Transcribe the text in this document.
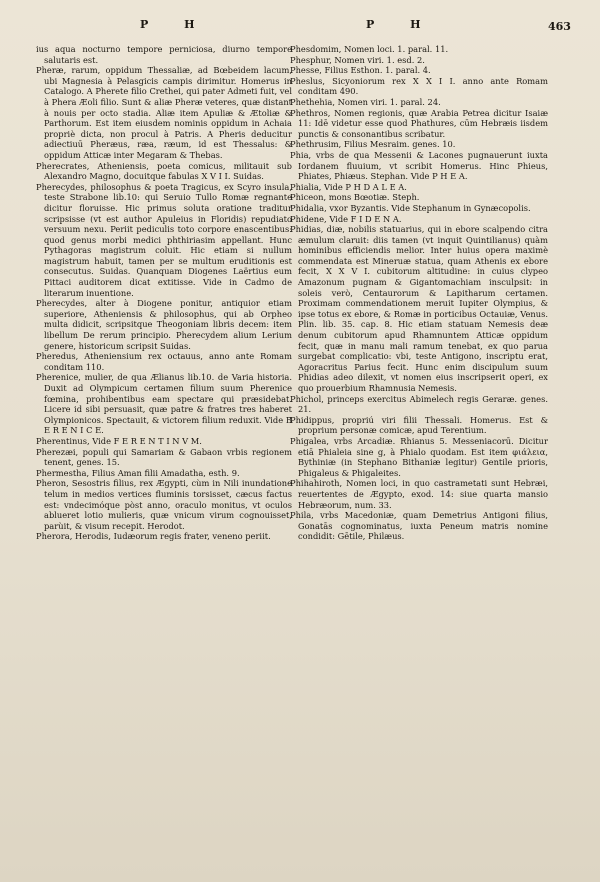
P H	P H	463

ius aqua nocturno tempore perniciosa, diurno tempore salutaris est.

Pheræ, rarum, oppidum Thessaliæ, ad Bœbeidem lacum, ubi Magnesia à Pelasgicis campis dirimitur. Homerus in Catalogo. A Pherete filio Crethei, qui pater Admeti fuit, vel à Phera Æoli filio. Sunt & aliæ Pheræ veteres, quæ distant à nouis per octo stadia. Aliæ item Apuliæ & Ætoliæ & Parthorum. Est item eiusdem nominis oppidum in Achaia propriè dicta, non procul à Patris. A Pheris deducitur adiectiuū Pheræus, ræa, ræum, id est Thessalus: & oppidum Atticæ inter Megaram & Thebas.

Pherecrates, Atheniensis, poeta comicus, militauit sub Alexandro Magno, docuitque fabulas X V I I. Suidas.

Pherecydes, philosophus & poeta Tragicus, ex Scyro insula, teste Strabone lib.10: qui Seruio Tullo Romæ regnante dicitur floruisse. Hic primus soluta oratione traditur scripsisse (vt est author Apuleius in Floridis) repudiato versuum nexu. Periit pediculis toto corpore enascentibus: quod genus morbi medici phthiriasim appellant. Hunc Pythagoras magistrum coluit. Hic etiam si nullum magistrum habuit, tamen per se multum eruditionis est consecutus. Suidas. Quanquam Diogenes Laërtius eum Pittaci auditorem dicat extitisse. Vide in Cadmo de literarum inuentione.

Pherecydes, alter à Diogene ponitur, antiquior etiam superiore, Atheniensis & philosophus, qui ab Orpheo multa didicit, scripsitque Theogoniam libris decem: item libellum De rerum principio. Pherecydem alium Lerium genere, historicum scripsit Suidas.

Pheredus, Atheniensium rex octauus, anno ante Romam conditam 110.

Pherenice, mulier, de qua Ælianus lib.10. de Varia historia. Duxit ad Olympicum certamen filium suum Pherenice fœmina, prohibentibus eam spectare qui præsidebat. Licere id sibi persuasit, quæ patre & fratres tres haberet Olympionicos. Spectauit, & victorem filium reduxit. Vide B E R E N I C E.

Pherentinus, Vide F E R E N T I N V M.

Pherezæi, populi qui Samariam & Gabaon vrbis regionem tenent, genes. 15.

Phermestha, Filius Aman filii Amadatha, esth. 9.

Pheron, Sesostris filius, rex Ægypti, cùm in Nili inundatione telum in medios vertices fluminis torsisset, cæcus factus est: vndecimóque pòst anno, oraculo monitus, vt oculos ablueret lotio mulieris, quæ vnicum virum cognouisset, parùit, & visum recepit. Herodot.

Pherora, Herodis, Iudæorum regis frater, veneno periit.

Phesdomim, Nomen loci. 1. paral. 11.

Phesphur, Nomen viri. 1. esd. 2.

Phesse, Filius Esthon. 1. paral. 4.

Pheslus, Sicyoniorum rex X X I I. anno ante Romam conditam 490.

Phethehia, Nomen viri. 1. paral. 24.

Phethros, Nomen regionis, quæ Arabia Petrea dicitur Isaiæ 11: Idē videtur esse quod Phathures, cūm Hebræis iisdem punctis & consonantibus scribatur.

Phethrusim, Filius Mesraim. genes. 10.

Phia, vrbs de qua Messenii & Lacones pugnauerunt iuxta Iordanem fluuium, vt scribit Homerus. Hinc Phieus, Phiates, Phiæus. Stephan. Vide P H E A.

Phialia, Vide P H D A L E A.

Phiceon, mons Bœotiæ. Steph.

Phidalia, vxor Byzantis. Vide Stephanum in Gynæcopolis.

Phidene, Vide F I D E N A.

Phidias, diæ, nobilis statuarius, qui in ebore scalpendo citra æmulum claruit: diis tamen (vt inquit Quintilianus) quàm hominibus efficiendis melior. Inter huius opera maximè commendata est Mineruæ statua, quam Athenis ex ebore fecit, X X V I. cubitorum altitudine: in cuius clypeo Amazonum pugnam & Gigantomachiam insculpsit: in soleis verò, Centaurorum & Lapitharum certamen. Proximam commendationem meruit Iupiter Olympius, & ipse totus ex ebore, & Romæ in porticibus Octauiæ, Venus. Plin. lib. 35. cap. 8. Hic etiam statuam Nemesis deæ denum cubitorum apud Rhamnuntem Atticæ oppidum fecit, quæ in manu mali ramum tenebat, ex quo parua surgebat complicatio: vbi, teste Antigono, inscriptu erat, Agoracritus Parius fecit. Hunc enim discipulum suum Phidias adeo dilexit, vt nomen eius inscripserit operi, ex quo prouerbium Rhamnusia Nemesis.

Phichol, princeps exercitus Abimelech regis Geraræ. genes. 21.

Phidippus, propriú viri filii Thessali. Homerus. Est & proprium personæ comicæ, apud Terentium.

Phigalea, vrbs Arcadiæ. Rhianus 5. Messeniacorū. Dicitur etiā Phialeia sine g, à Phialo quodam. Est item φιάλεια, Bythiniæ (in Stephano Bithaniæ legitur) Gentile prioris, Phigaleus & Phigaleites.

Phihahiroth, Nomen loci, in quo castrametati sunt Hebræi, reuertentes de Ægypto, exod. 14: siue quarta mansio Hebræorum, num. 33.

Phila, vrbs Macedoniæ, quam Demetrius Antigoni filius, Gonatās cognominatus, iuxta Peneum matris nomine condidit: Gētile, Philæus.
